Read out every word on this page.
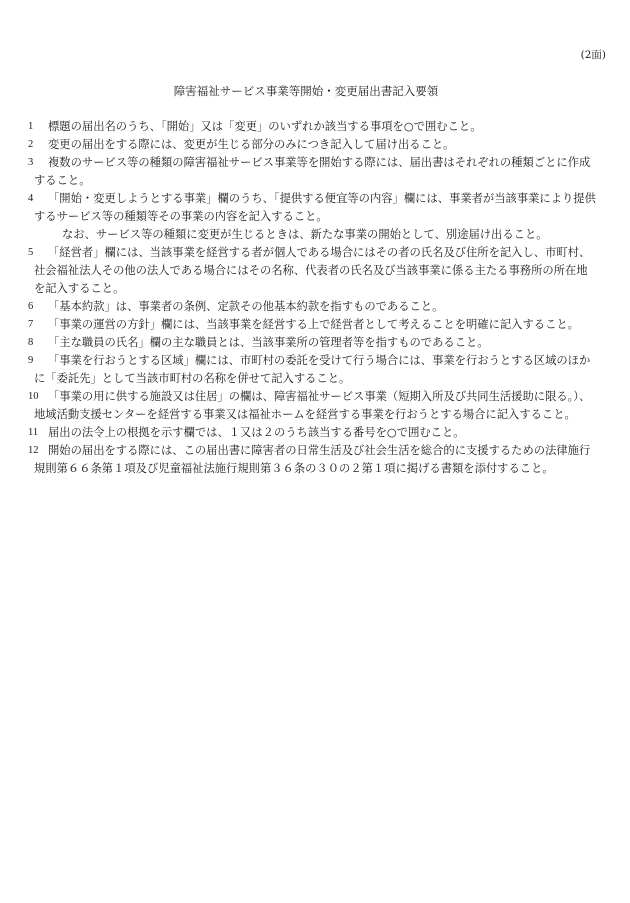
(2面)
障害福祉サービス事業等開始・変更届出書記入要領
1	標題の届出名のうち、「開始」又は「変更」のいずれか該当する事項を○で囲むこと。
2	変更の届出をする際には、変更が生じる部分のみにつき記入して届け出ること。
3	複数のサービス等の種類の障害福祉サービス事業等を開始する際には、届出書はそれぞれの種類ごとに作成
すること。
4	「開始・変更しようとする事業」欄のうち、「提供する便宜等の内容」欄には、事業者が当該事業により提供
するサービス等の種類等その事業の内容を記入すること。
なお、サービス等の種類に変更が生じるときは、新たな事業の開始として、別途届け出ること。
5	「経営者」欄には、当該事業を経営する者が個人である場合にはその者の氏名及び住所を記入し、市町村、
社会福祉法人その他の法人である場合にはその名称、代表者の氏名及び当該事業に係る主たる事務所の所在地
を記入すること。
6	「基本約款」は、事業者の条例、定款その他基本約款を指すものであること。
7	「事業の運営の方針」欄には、当該事業を経営する上で経営者として考えることを明確に記入すること。
8	「主な職員の氏名」欄の主な職員とは、当該事業所の管理者等を指すものであること。
9	「事業を行おうとする区域」欄には、市町村の委託を受けて行う場合には、事業を行おうとする区域のほか
に「委託先」として当該市町村の名称を併せて記入すること。
10 「事業の用に供する施設又は住居」の欄は、障害福祉サービス事業（短期入所及び共同生活援助に限る。）、
地域活動支援センターを経営する事業又は福祉ホームを経営する事業を行おうとする場合に記入すること。
11 届出の法令上の根拠を示す欄では、１又は２のうち該当する番号を○で囲むこと。
12 開始の届出をする際には、この届出書に障害者の日常生活及び社会生活を総合的に支援するための法律施行
規則第６６条第１項及び児童福祉法施行規則第３６条の３０の２第１項に掲げる書類を添付すること。
